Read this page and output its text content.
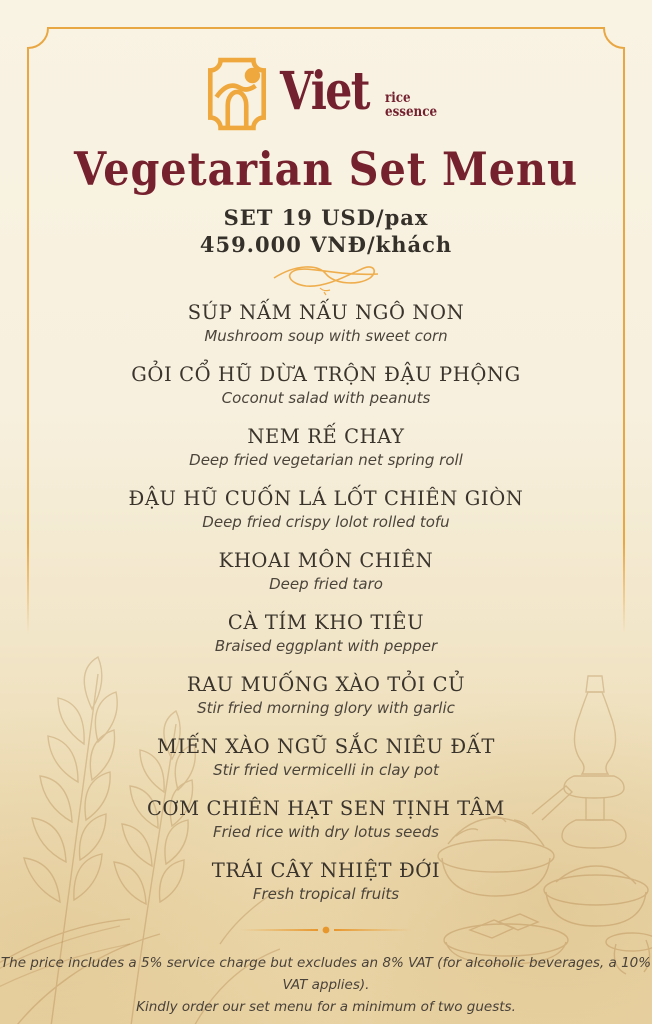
Viet rice
essence
Vegetarian Set Menu
SET 19 USD/pax
459.000 VNĐ/khách
SÚP NẤM NẤU NGÔ NON
Mushroom soup with sweet corn
GỎI CỔ HŨ DỪA TRỘN ĐẬU PHỘNG
Coconut salad with peanuts
NEM RẾ CHAY
Deep fried vegetarian net spring roll
ĐẬU HŨ CUỐN LÁ LỐT CHIÊN GIÒN
Deep fried crispy lolot rolled tofu
KHOAI MÔN CHIÊN
Deep fried taro
CÀ TÍM KHO TIÊU
Braised eggplant with pepper
RAU MUỐNG XÀO TỎI CỦ
Stir fried morning glory with garlic
MIẾN XÀO NGŨ SẮC NIÊU ĐẤT
Stir fried vermicelli in clay pot
CƠM CHIÊN HẠT SEN TỊNH TÂM
Fried rice with dry lotus seeds
TRÁI CÂY NHIỆT ĐỚI
Fresh tropical fruits
The price includes a 5% service charge but excludes an 8% VAT (for alcoholic beverages, a 10% VAT applies).
Kindly order our set menu for a minimum of two guests.
